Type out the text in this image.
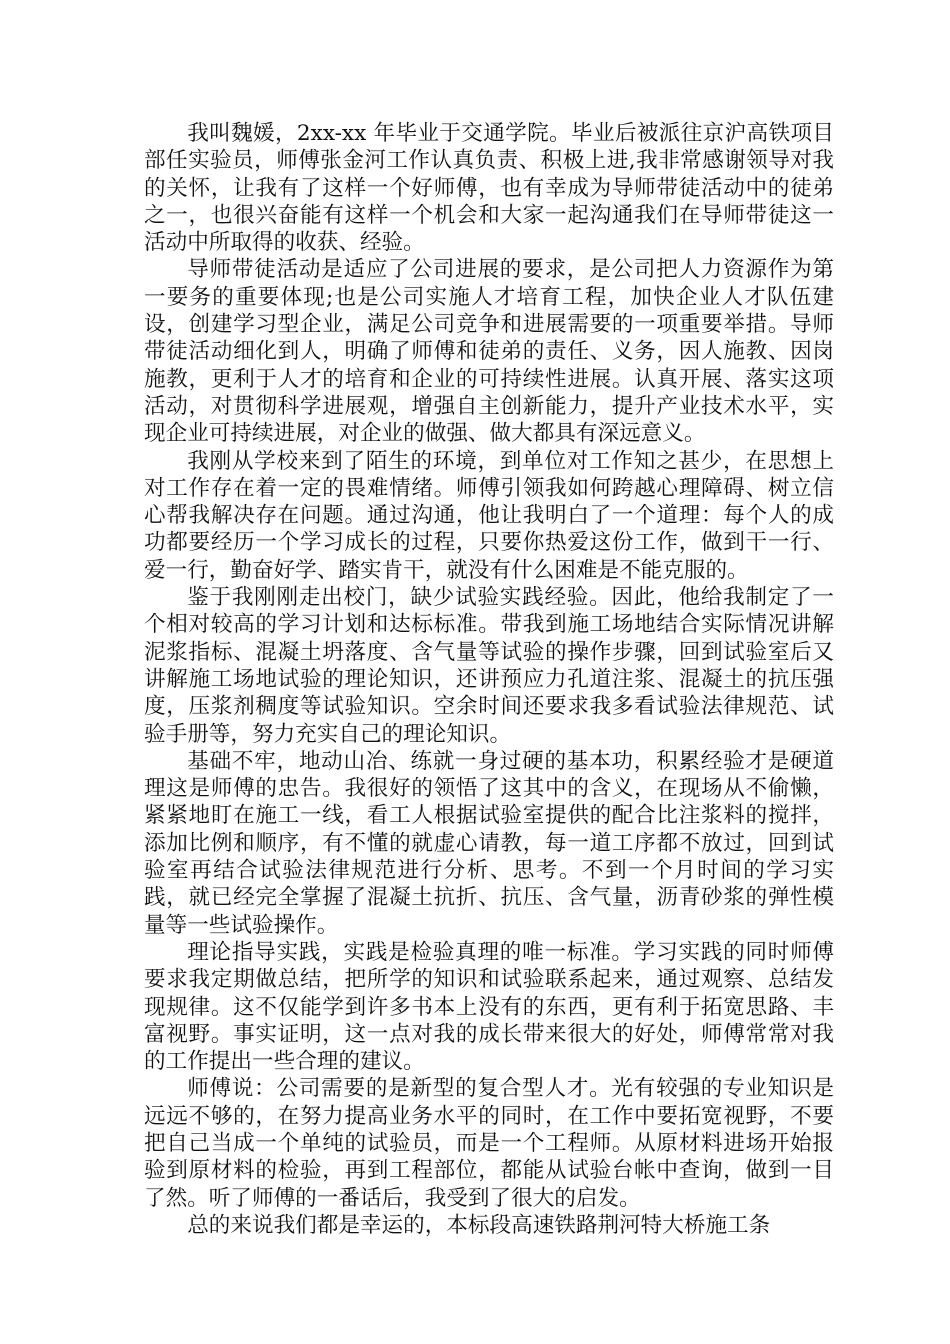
我叫魏媛，2xx-xx 年毕业于交通学院。毕业后被派往京沪高铁项目部任实验员，师傅张金河工作认真负责、积极上进,我非常感谢领导对我的关怀，让我有了这样一个好师傅，也有幸成为导师带徒活动中的徒弟之一，也很兴奋能有这样一个机会和大家一起沟通我们在导师带徒这一活动中所取得的收获、经验。

导师带徒活动是适应了公司进展的要求，是公司把人力资源作为第一要务的重要体现;也是公司实施人才培育工程，加快企业人才队伍建设，创建学习型企业，满足公司竞争和进展需要的一项重要举措。导师带徒活动细化到人，明确了师傅和徒弟的责任、义务，因人施教、因岗施教，更利于人才的培育和企业的可持续性进展。认真开展、落实这项活动，对贯彻科学进展观，增强自主创新能力，提升产业技术水平，实现企业可持续进展，对企业的做强、做大都具有深远意义。

我刚从学校来到了陌生的环境，到单位对工作知之甚少，在思想上对工作存在着一定的畏难情绪。师傅引领我如何跨越心理障碍、树立信心帮我解决存在问题。通过沟通，他让我明白了一个道理：每个人的成功都要经历一个学习成长的过程，只要你热爱这份工作，做到干一行、爱一行，勤奋好学、踏实肯干，就没有什么困难是不能克服的。

鉴于我刚刚走出校门，缺少试验实践经验。因此，他给我制定了一个相对较高的学习计划和达标标准。带我到施工场地结合实际情况讲解泥浆指标、混凝土坍落度、含气量等试验的操作步骤，回到试验室后又讲解施工场地试验的理论知识，还讲预应力孔道注浆、混凝土的抗压强度，压浆剂稠度等试验知识。空余时间还要求我多看试验法律规范、试验手册等，努力充实自己的理论知识。

基础不牢，地动山冶、练就一身过硬的基本功，积累经验才是硬道理这是师傅的忠告。我很好的领悟了这其中的含义，在现场从不偷懒，紧紧地盯在施工一线，看工人根据试验室提供的配合比注浆料的搅拌，添加比例和顺序，有不懂的就虚心请教，每一道工序都不放过，回到试验室再结合试验法律规范进行分析、思考。不到一个月时间的学习实践，就已经完全掌握了混凝土抗折、抗压、含气量，沥青砂浆的弹性模量等一些试验操作。

理论指导实践，实践是检验真理的唯一标准。学习实践的同时师傅要求我定期做总结，把所学的知识和试验联系起来，通过观察、总结发现规律。这不仅能学到许多书本上没有的东西，更有利于拓宽思路、丰富视野。事实证明，这一点对我的成长带来很大的好处，师傅常常对我的工作提出一些合理的建议。

师傅说：公司需要的是新型的复合型人才。光有较强的专业知识是远远不够的，在努力提高业务水平的同时，在工作中要拓宽视野，不要把自己当成一个单纯的试验员，而是一个工程师。从原材料进场开始报验到原材料的检验，再到工程部位，都能从试验台帐中查询，做到一目了然。听了师傅的一番话后，我受到了很大的启发。

总的来说我们都是幸运的，本标段高速铁路荆河特大桥施工条
